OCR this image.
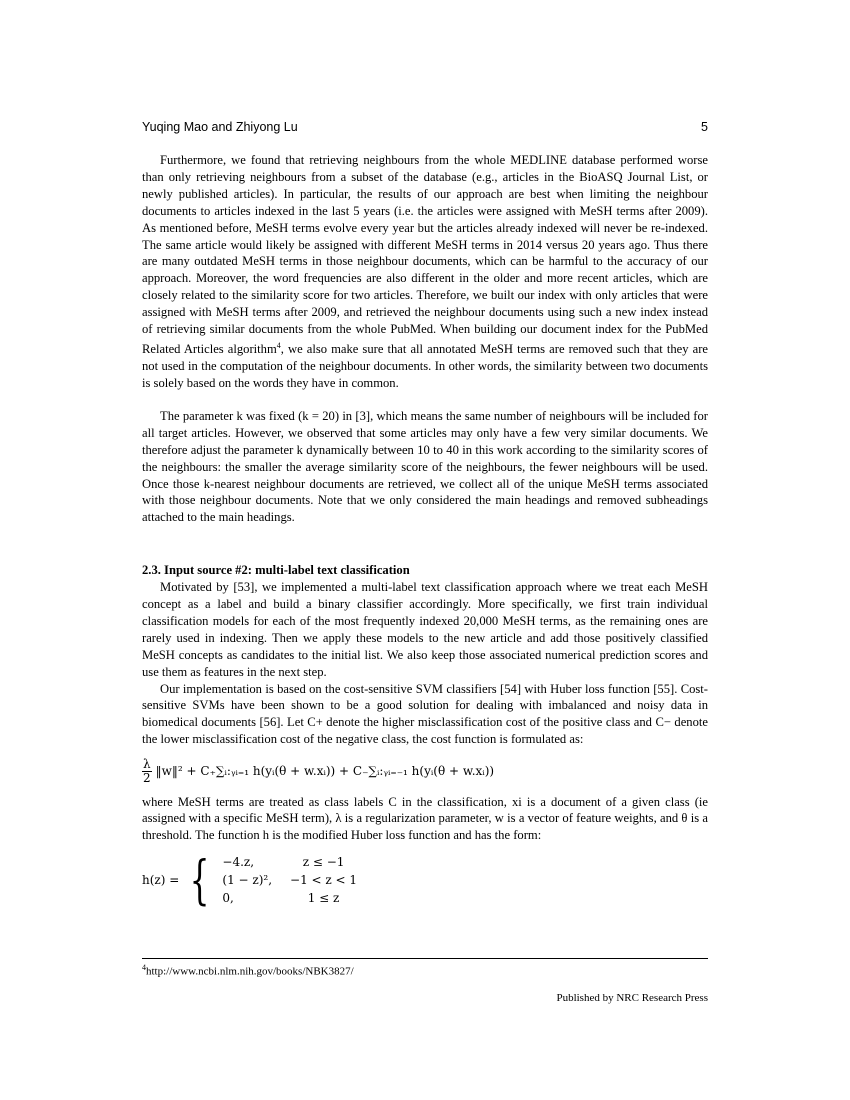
Yuqing Mao and Zhiyong Lu	5

Furthermore, we found that retrieving neighbours from the whole MEDLINE database performed worse than only retrieving neighbours from a subset of the database (e.g., articles in the BioASQ Journal List, or newly published articles). In particular, the results of our approach are best when limiting the neighbour documents to articles indexed in the last 5 years (i.e. the articles were assigned with MeSH terms after 2009). As mentioned before, MeSH terms evolve every year but the articles already indexed will never be re-indexed. The same article would likely be assigned with different MeSH terms in 2014 versus 20 years ago. Thus there are many outdated MeSH terms in those neighbour documents, which can be harmful to the accuracy of our approach. Moreover, the word frequencies are also different in the older and more recent articles, which are closely related to the similarity score for two articles. Therefore, we built our index with only articles that were assigned with MeSH terms after 2009, and retrieved the neighbour documents using such a new index instead of retrieving similar documents from the whole PubMed. When building our document index for the PubMed Related Articles algorithm$^4$, we also make sure that all annotated MeSH terms are removed such that they are not used in the computation of the neighbour documents. In other words, the similarity between two documents is solely based on the words they have in common.

The parameter k was fixed (k = 20) in [3], which means the same number of neighbours will be included for all target articles. However, we observed that some articles may only have a few very similar documents. We therefore adjust the parameter k dynamically between 10 to 40 in this work according to the similarity scores of the neighbours: the smaller the average similarity score of the neighbours, the fewer neighbours will be used. Once those k-nearest neighbour documents are retrieved, we collect all of the unique MeSH terms associated with those neighbour documents. Note that we only considered the main headings and removed subheadings attached to the main headings.

2.3. Input source #2: multi-label text classification

Motivated by [53], we implemented a multi-label text classification approach where we treat each MeSH concept as a label and build a binary classifier accordingly. More specifically, we first train individual classification models for each of the most frequently indexed 20,000 MeSH terms, as the remaining ones are rarely used in indexing. Then we apply these models to the new article and add those positively classified MeSH concepts as candidates to the initial list. We also keep those associated numerical prediction scores and use them as features in the next step.

Our implementation is based on the cost-sensitive SVM classifiers [54] with Huber loss function [55]. Cost-sensitive SVMs have been shown to be a good solution for dealing with imbalanced and noisy data in biomedical documents [56]. Let C+ denote the higher misclassification cost of the positive class and C− denote the lower misclassification cost of the negative class, the cost function is formulated as:

$\frac{\lambda}{2}$ ‖w‖² + C₊∑ᵢ:ᵧᵢ₌₁ h(yᵢ(θ + w.xᵢ)) + C₋∑ᵢ:ᵧᵢ₌₋₁ h(yᵢ(θ + w.xᵢ))

where MeSH terms are treated as class labels C in the classification, xi is a document of a given class (ie assigned with a specific MeSH term), λ is a regularization parameter, w is a vector of feature weights, and θ is a threshold. The function h is the modified Huber loss function and has the form:

h(z) = { −4.z,	z ≤ −1
(1 − z)², −1 < z < 1
0,	1 ≤ z
$^4$http://www.ncbi.nlm.nih.gov/books/NBK3827/
Published by NRC Research Press
